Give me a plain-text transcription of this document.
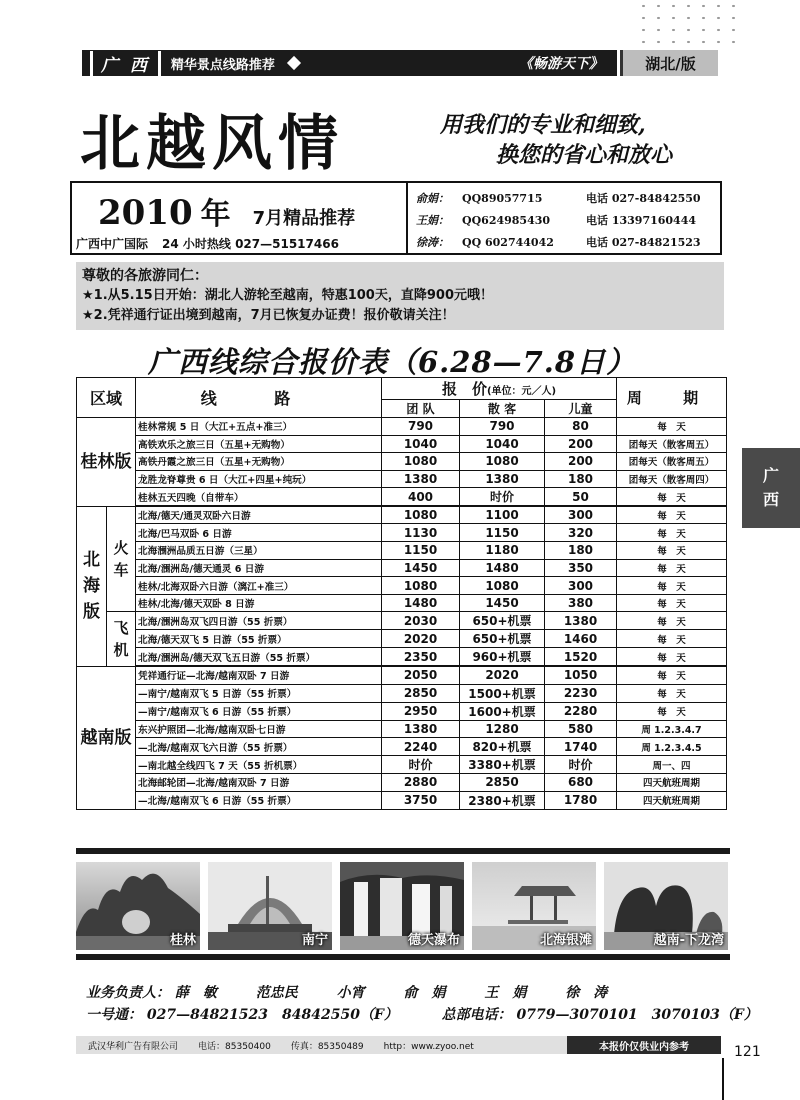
广 西	精华景点线路推荐	《畅游天下》	湖北/版
北越风情	用我们的专业和细致,
换您的省心和放心
2010 年 7月精品推荐
广西中广国际 24 小时热线 027—51517466
俞娟：	QQ89057715	电话 027-84842550
王娟：	QQ624985430	电话 13397160444
徐涛：	QQ 602744042	电话 027-84821523
尊敬的各旅游同仁：
★1.从5.15日开始：湖北人游轮至越南，特惠100天，直降900元哦！
★2.凭祥通行证出境到越南，7月已恢复办证费！报价敬请关注！
广西线综合报价表（6.28—7.8日）
广
西
区域		线 路	报　价(单位：元／人)			周 期
			团 队	散 客	儿童	
桂林版		桂林常规 5 日（大江+五点+准三）	790	790	80	每　天
		高铁欢乐之旅三日（五星+无购物）	1040	1040	200	团每天（散客周五）
		高铁丹霞之旅三日（五星+无购物）	1080	1080	200	团每天（散客周五）
		龙胜龙脊尊贵 6 日（大江+四星+纯玩）	1380	1380	180	团每天（散客周四）
		桂林五天四晚（自带车）	400	时价	50	每　天
北海版	火车	北海/德天/通灵双卧六日游	1080	1100	300	每　天
		北海/巴马双卧 6 日游	1130	1150	320	每　天
		北海涠洲品质五日游（三星）	1150	1180	180	每　天
		北海/涠洲岛/德天通灵 6 日游	1450	1480	350	每　天
		桂林/北海双卧六日游（漓江+准三）	1080	1080	300	每　天
		桂林/北海/德天双卧 8 日游	1480	1450	380	每　天
	飞机	北海/涠洲岛双飞四日游（55 折票）	2030	650+机票	1380	每　天
		北海/德天双飞 5 日游（55 折票）	2020	650+机票	1460	每　天
		北海/涠洲岛/德天双飞五日游（55 折票）	2350	960+机票	1520	每　天
越南版		凭祥通行证—北海/越南双卧 7 日游	2050	2020	1050	每　天
		—南宁/越南双飞 5 日游（55 折票）	2850	1500+机票	2230	每　天
		—南宁/越南双飞 6 日游（55 折票）	2950	1600+机票	2280	每　天
		东兴护照团—北海/越南双卧七日游	1380	1280	580	周 1.2.3.4.7
		—北海/越南双飞六日游（55 折票）	2240	820+机票	1740	周 1.2.3.4.5
		—南北越全线四飞 7 天（55 折机票）	时价	3380+机票	时价	周一、四
		北海邮轮团—北海/越南双卧 7 日游	2880	2850	680	四天航班周期
		—北海/越南双飞 6 日游（55 折票）	3750	2380+机票	1780	四天航班周期
桂林	南宁	德天瀑布	北海银滩	越南-下龙湾
业务负责人： 薛　敏	范忠民	小宵	俞　娟	王　娟	徐　涛
一号通： 027—84821523　84842550（F）	总部电话： 0779—3070101　3070103（F）
武汉华利广告有限公司 电话：85350400 传真：85350489 http：www.zyoo.net	本报价仅供业内参考	121
